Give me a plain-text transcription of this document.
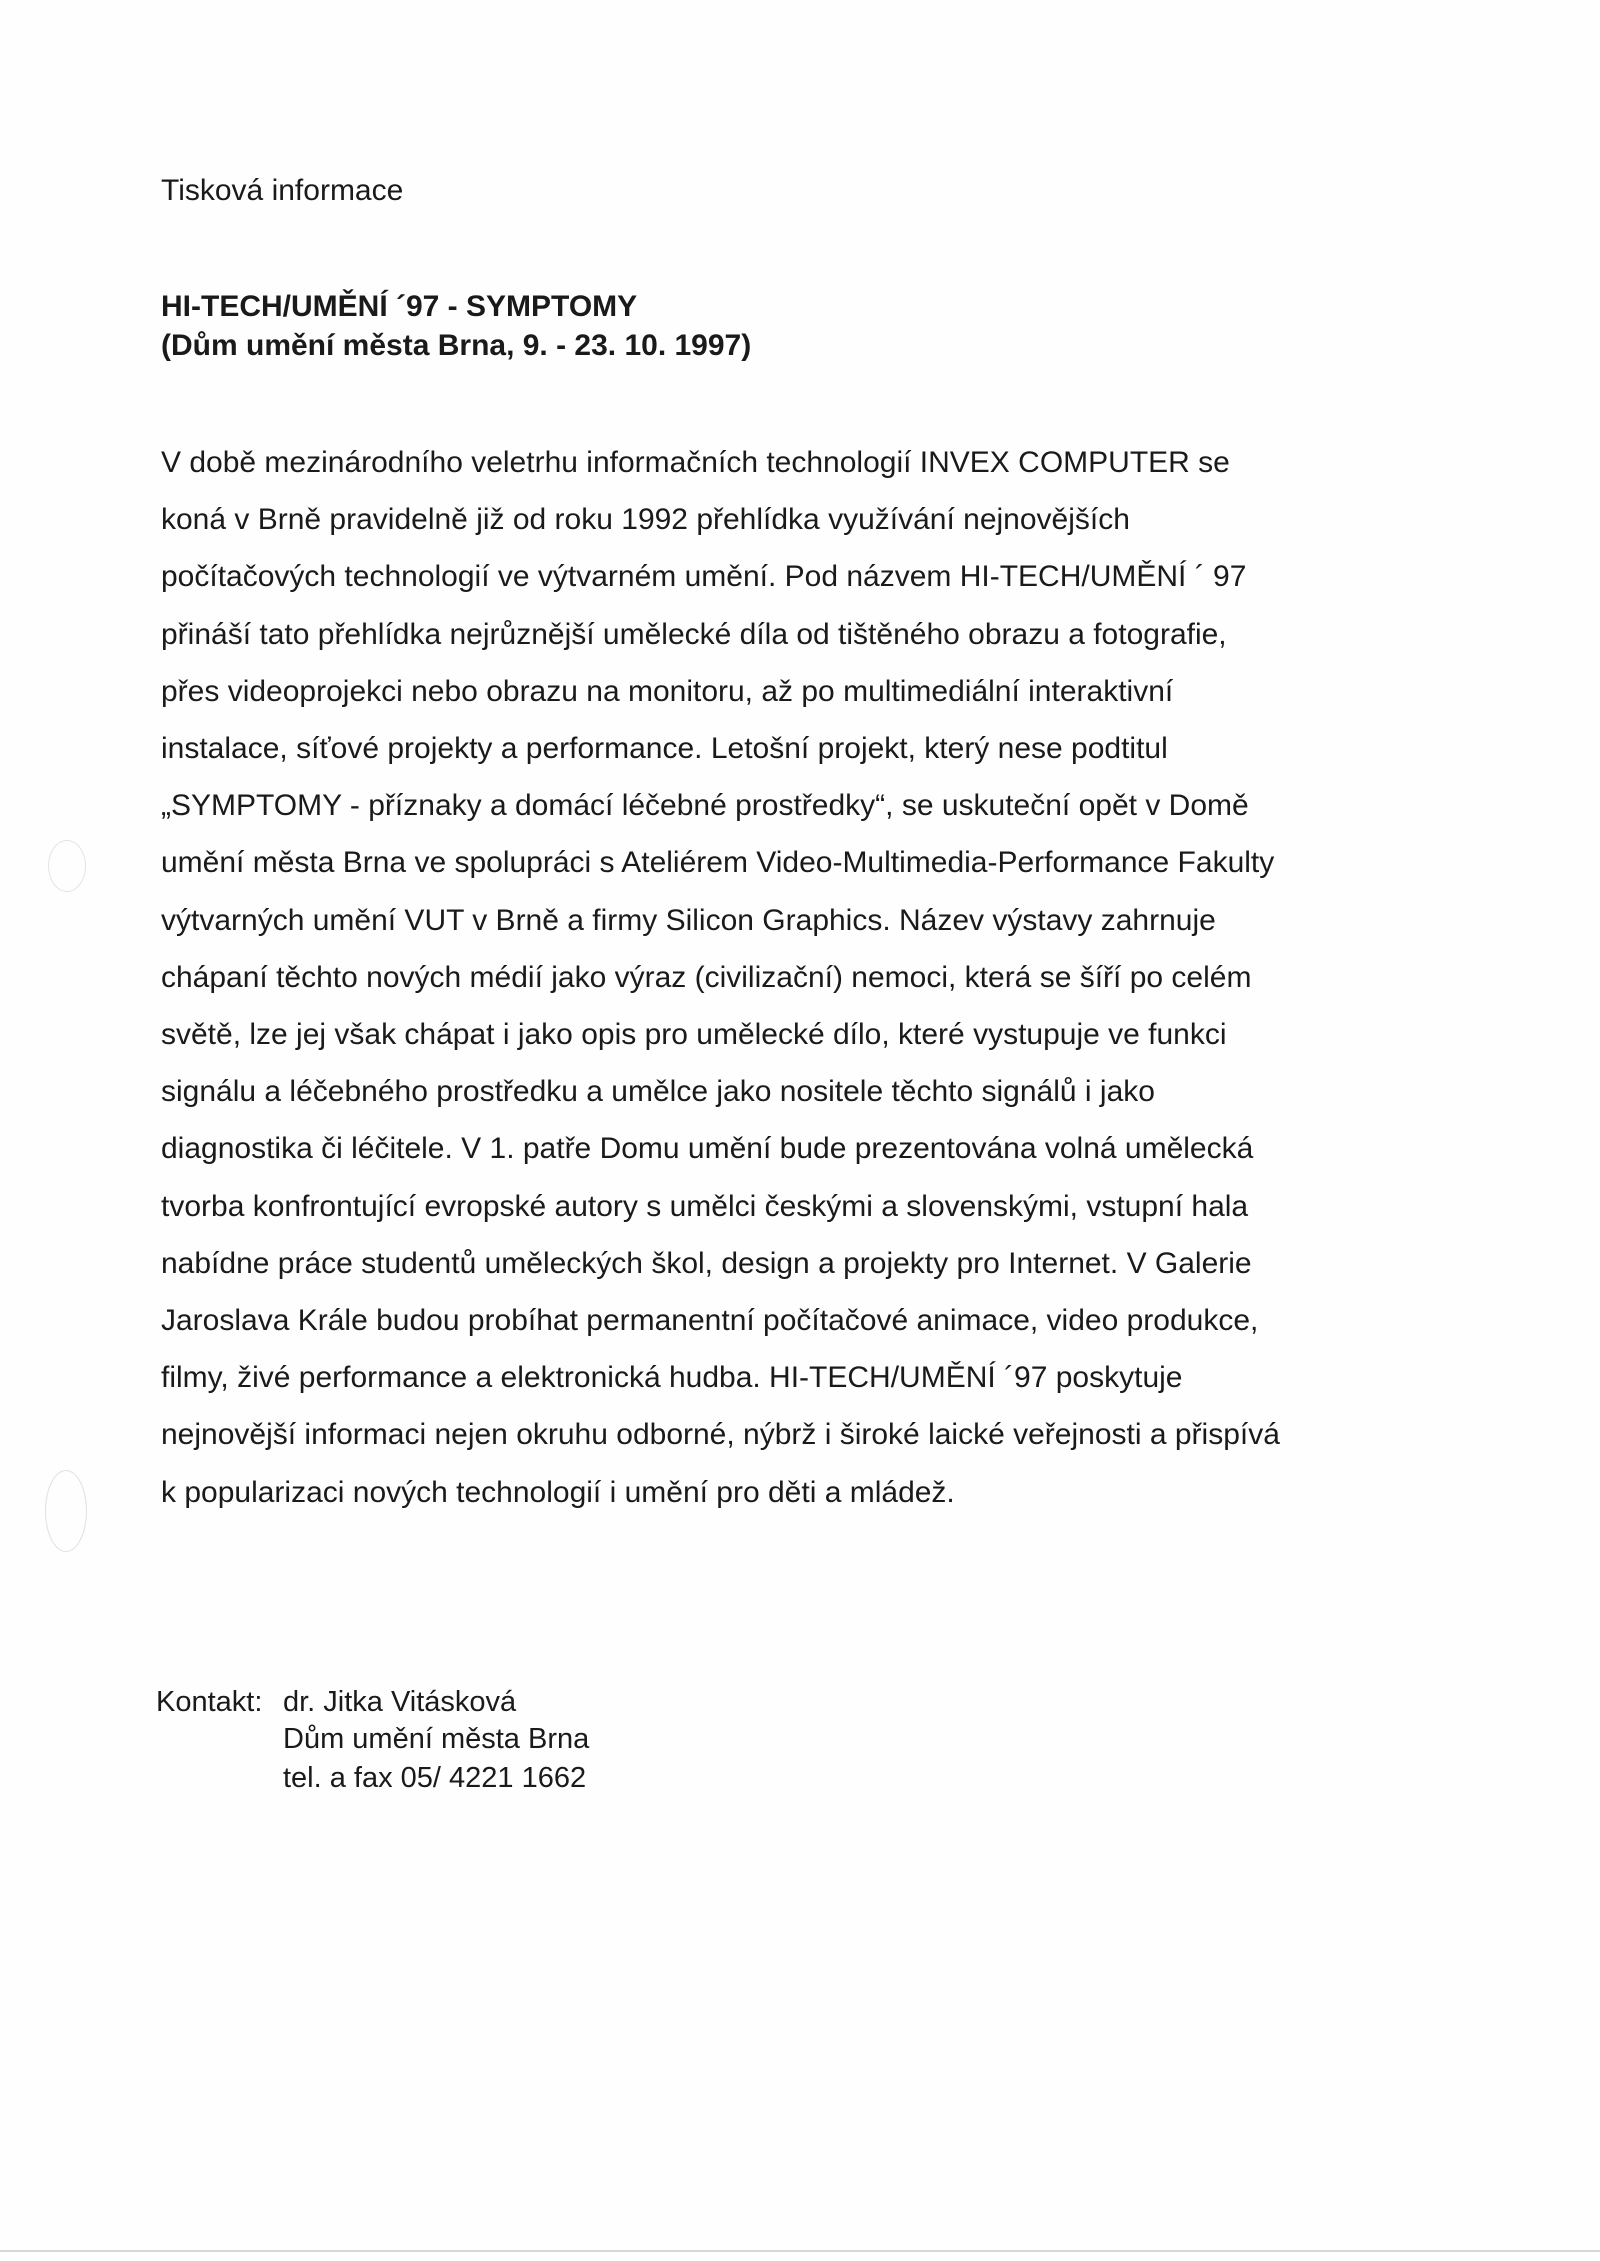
Tisková informace
HI-TECH/UMĚNÍ ´97 - SYMPTOMY
(Dům umění města Brna, 9. - 23. 10. 1997)
V době mezinárodního veletrhu informačních technologií INVEX COMPUTER se
koná v Brně pravidelně již od roku 1992 přehlídka využívání nejnovějších
počítačových technologií ve výtvarném umění. Pod názvem HI-TECH/UMĚNÍ ´ 97
přináší tato přehlídka nejrůznější umělecké díla od tištěného obrazu a fotografie,
přes videoprojekci nebo obrazu na monitoru, až po multimediální interaktivní
instalace, síťové projekty a performance. Letošní projekt, který nese podtitul
„SYMPTOMY - příznaky a domácí léčebné prostředky“, se uskuteční opět v Domě
umění města Brna ve spolupráci s Ateliérem Video-Multimedia-Performance Fakulty
výtvarných umění VUT v Brně a firmy Silicon Graphics. Název výstavy zahrnuje
chápaní těchto nových médií jako výraz (civilizační) nemoci, která se šíří po celém
světě, lze jej však chápat i jako opis pro umělecké dílo, které vystupuje ve funkci
signálu a léčebného prostředku a umělce jako nositele těchto signálů i jako
diagnostika či léčitele. V 1. patře Domu umění bude prezentována volná umělecká
tvorba konfrontující evropské autory s umělci českými a slovenskými, vstupní hala
nabídne práce studentů uměleckých škol, design a projekty pro Internet. V Galerie
Jaroslava Krále budou probíhat permanentní počítačové animace, video produkce,
filmy, živé performance a elektronická hudba. HI-TECH/UMĚNÍ ´97 poskytuje
nejnovější informaci nejen okruhu odborné, nýbrž i široké laické veřejnosti a přispívá
k popularizaci nových technologií i umění pro děti a mládež.
Kontakt: dr. Jitka Vitásková
Dům umění města Brna
tel. a fax 05/ 4221 1662
